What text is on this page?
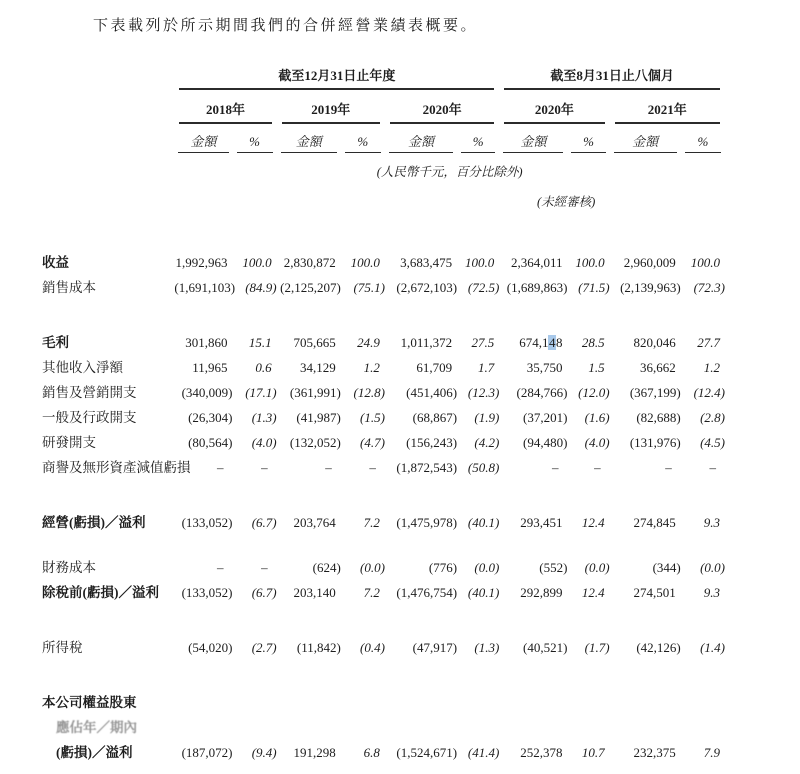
下表載列於所示期間我們的合併經營業績表概要。

	截至12月31日止年度						截至8月31日止八個月			

	2018年		2019年		2020年		2020年		2021年	

	金額	%	金額	%	金額	%	金額	%	金額	%

	(人民幣千元，百分比除外)									
							(未經審核)			

收益	1,992,963	100.0	2,830,872	100.0	3,683,475	100.0	2,364,011	100.0	2,960,009	100.0
銷售成本	(1,691,103)	(84.9)	(2,125,207)	(75.1)	(2,672,103)	(72.5)	(1,689,863)	(71.5)	(2,139,963)	(72.3)

毛利	301,860	15.1	705,665	24.9	1,011,372	27.5	674,148	28.5	820,046	27.7
其他收入淨額	11,965	0.6	34,129	1.2	61,709	1.7	35,750	1.5	36,662	1.2
銷售及營銷開支	(340,009)	(17.1)	(361,991)	(12.8)	(451,406)	(12.3)	(284,766)	(12.0)	(367,199)	(12.4)
一般及行政開支	(26,304)	(1.3)	(41,987)	(1.5)	(68,867)	(1.9)	(37,201)	(1.6)	(82,688)	(2.8)
研發開支	(80,564)	(4.0)	(132,052)	(4.7)	(156,243)	(4.2)	(94,480)	(4.0)	(131,976)	(4.5)
商譽及無形資產減值虧損	–	–	–	–	(1,872,543)	(50.8)	–	–	–	–

經營(虧損)／溢利	(133,052)	(6.7)	203,764	7.2	(1,475,978)	(40.1)	293,451	12.4	274,845	9.3

財務成本	–	–	(624)	(0.0)	(776)	(0.0)	(552)	(0.0)	(344)	(0.0)
除稅前(虧損)／溢利	(133,052)	(6.7)	203,140	7.2	(1,476,754)	(40.1)	292,899	12.4	274,501	9.3

所得稅	(54,020)	(2.7)	(11,842)	(0.4)	(47,917)	(1.3)	(40,521)	(1.7)	(42,126)	(1.4)

本公司權益股東										
應佔年／期內										
(虧損)／溢利	(187,072)	(9.4)	191,298	6.8	(1,524,671)	(41.4)	252,378	10.7	232,375	7.9
